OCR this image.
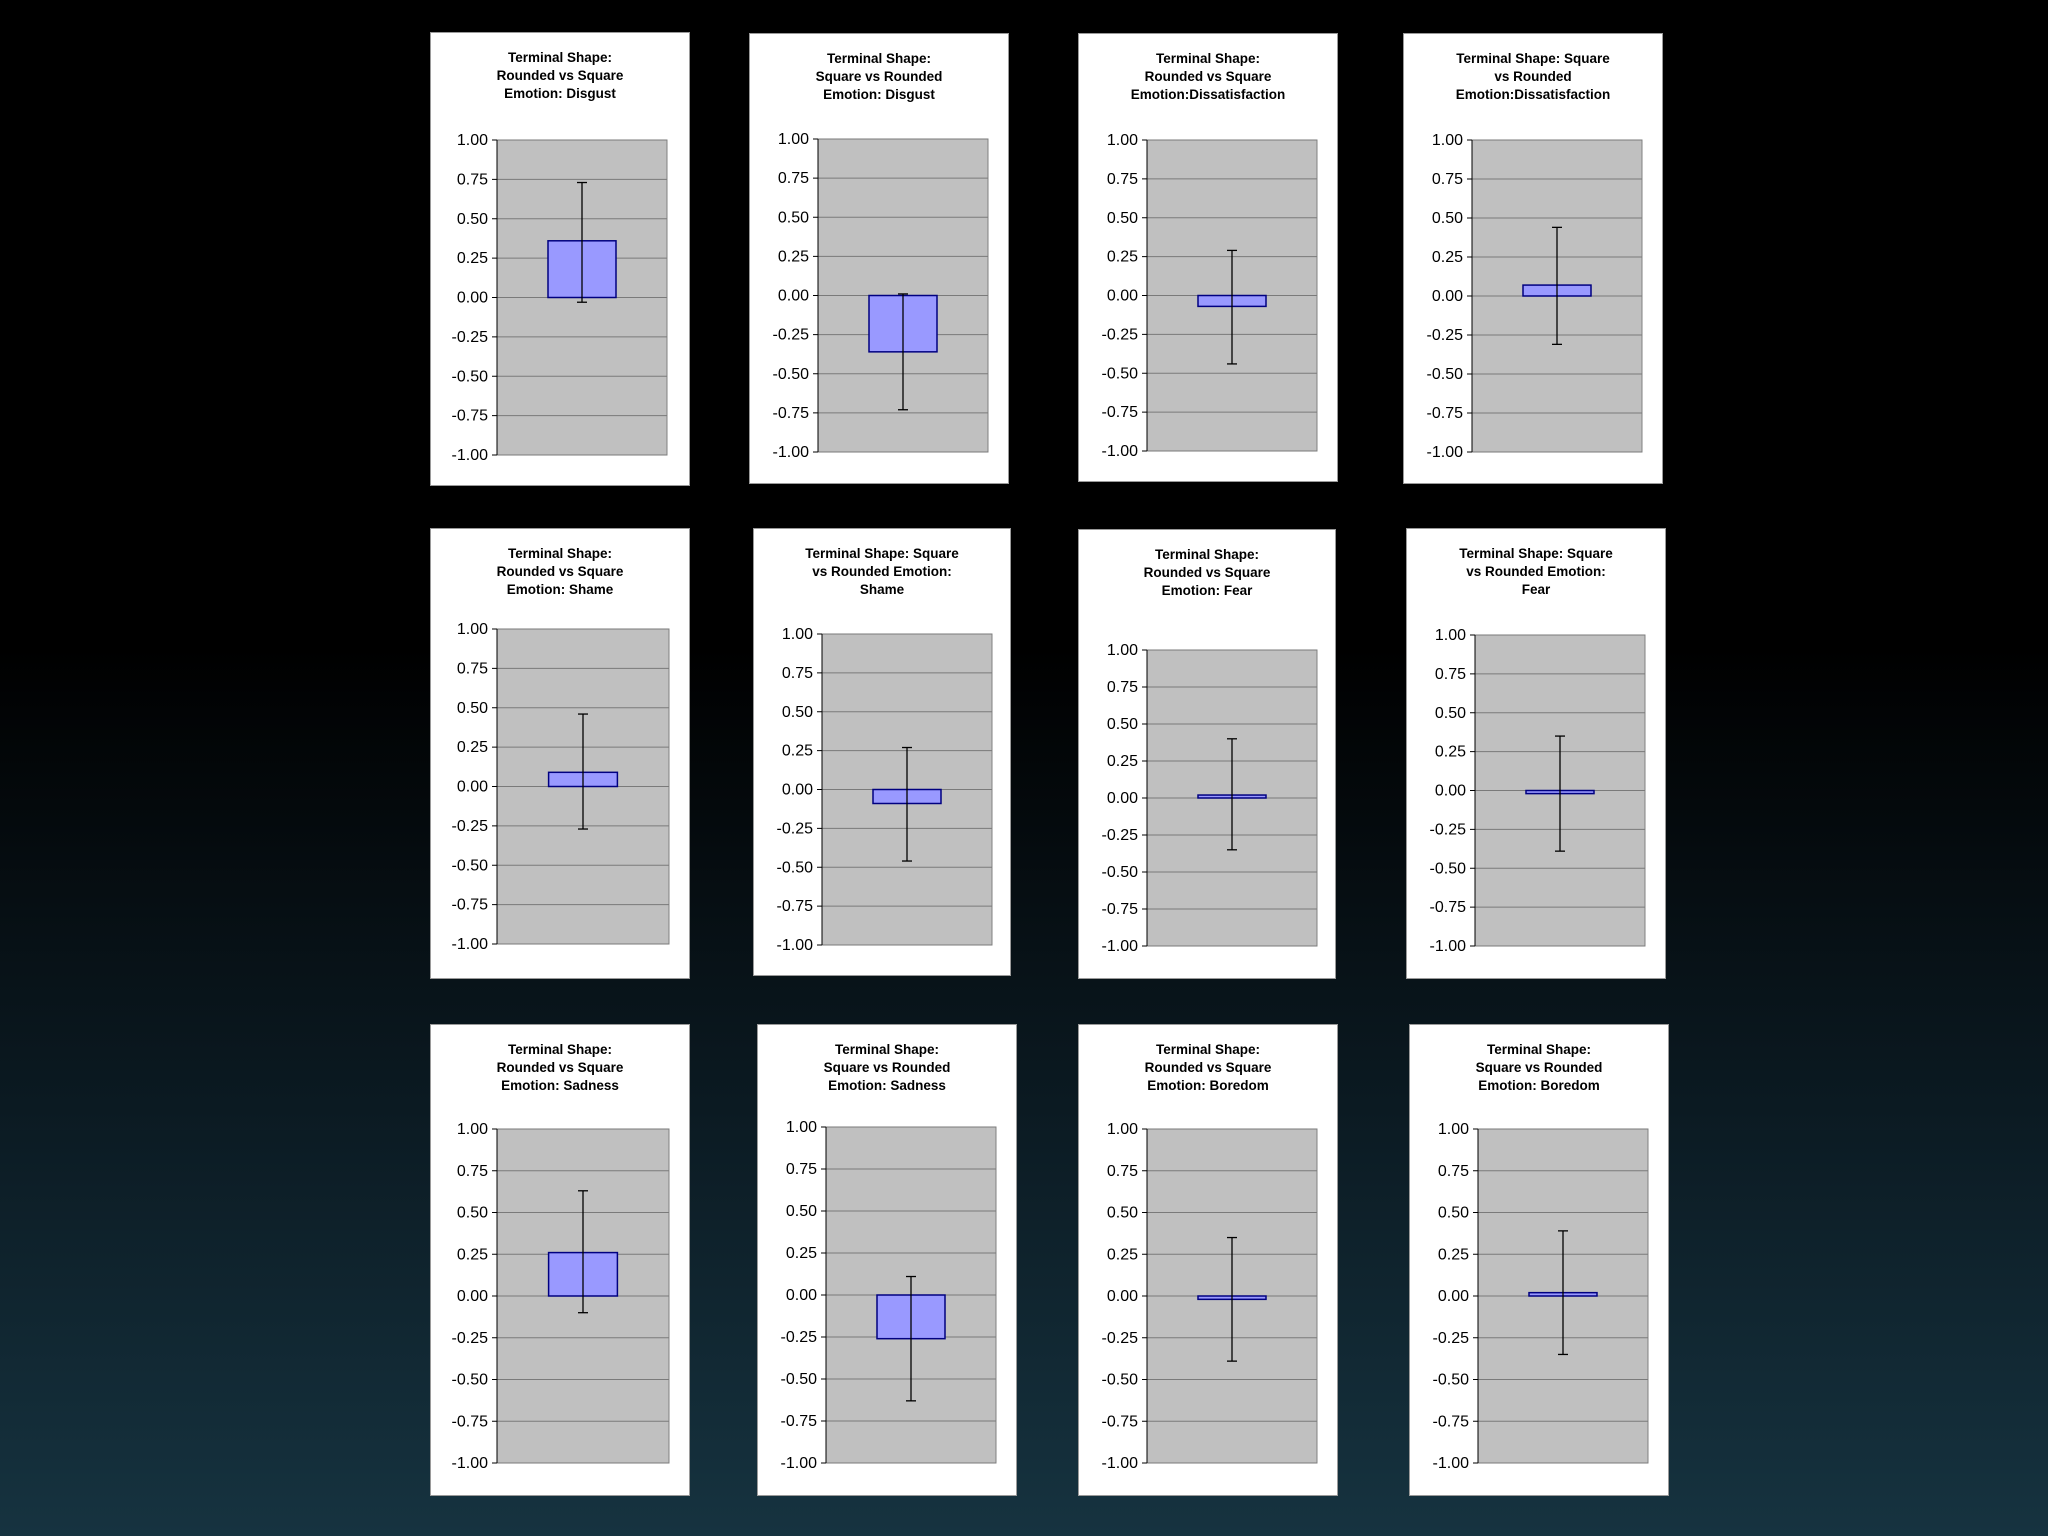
Terminal Shape:
Rounded vs Square
Emotion: Disgust
1.00
0.75
0.50
0.25
0.00
-0.25
-0.50
-0.75
-1.00
Terminal Shape:
Square vs Rounded
Emotion: Disgust
1.00
0.75
0.50
0.25
0.00
-0.25
-0.50
-0.75
-1.00
Terminal Shape:
Rounded vs Square
Emotion:Dissatisfaction
1.00
0.75
0.50
0.25
0.00
-0.25
-0.50
-0.75
-1.00
Terminal Shape: Square
vs Rounded
Emotion:Dissatisfaction
1.00
0.75
0.50
0.25
0.00
-0.25
-0.50
-0.75
-1.00
Terminal Shape:
Rounded vs Square
Emotion: Shame
1.00
0.75
0.50
0.25
0.00
-0.25
-0.50
-0.75
-1.00
Terminal Shape: Square
vs Rounded Emotion:
Shame
1.00
0.75
0.50
0.25
0.00
-0.25
-0.50
-0.75
-1.00
Terminal Shape:
Rounded vs Square
Emotion: Fear
1.00
0.75
0.50
0.25
0.00
-0.25
-0.50
-0.75
-1.00
Terminal Shape: Square
vs Rounded Emotion:
Fear
1.00
0.75
0.50
0.25
0.00
-0.25
-0.50
-0.75
-1.00
Terminal Shape:
Rounded vs Square
Emotion: Sadness
1.00
0.75
0.50
0.25
0.00
-0.25
-0.50
-0.75
-1.00
Terminal Shape:
Square vs Rounded
Emotion: Sadness
1.00
0.75
0.50
0.25
0.00
-0.25
-0.50
-0.75
-1.00
Terminal Shape:
Rounded vs Square
Emotion: Boredom
1.00
0.75
0.50
0.25
0.00
-0.25
-0.50
-0.75
-1.00
Terminal Shape:
Square vs Rounded
Emotion: Boredom
1.00
0.75
0.50
0.25
0.00
-0.25
-0.50
-0.75
-1.00
